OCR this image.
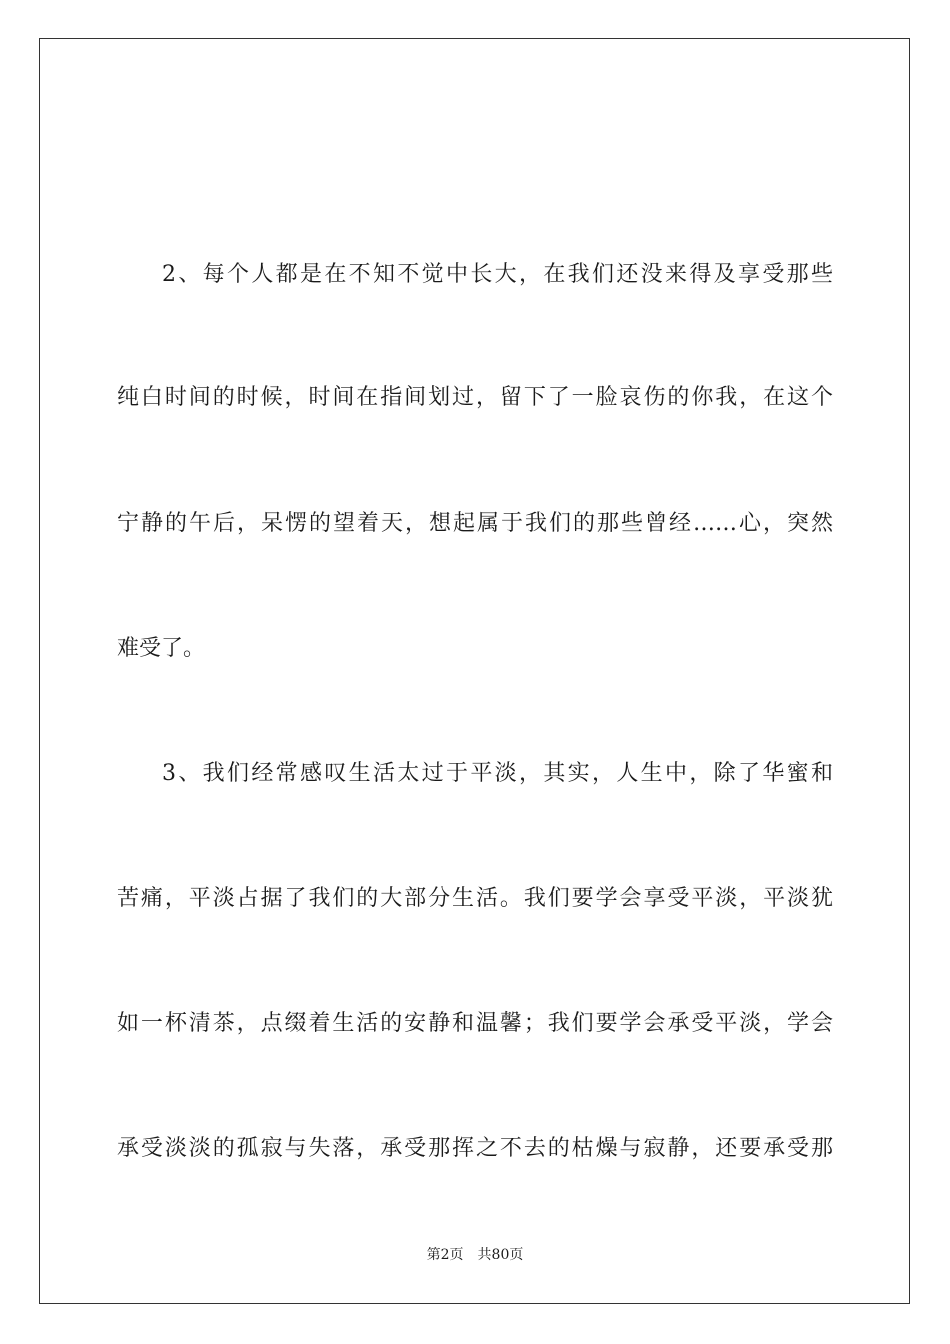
2、每个人都是在不知不觉中长大，在我们还没来得及享受那些
纯白时间的时候，时间在指间划过，留下了一脸哀伤的你我，在这个
宁静的午后，呆愣的望着天，想起属于我们的那些曾经……心，突然
难受了。
3、我们经常感叹生活太过于平淡，其实，人生中，除了华蜜和
苦痛，平淡占据了我们的大部分生活。我们要学会享受平淡，平淡犹
如一杯清茶，点缀着生活的安静和温馨；我们要学会承受平淡，学会
承受淡淡的孤寂与失落，承受那挥之不去的枯燥与寂静，还要承受那
第2页 共80页
